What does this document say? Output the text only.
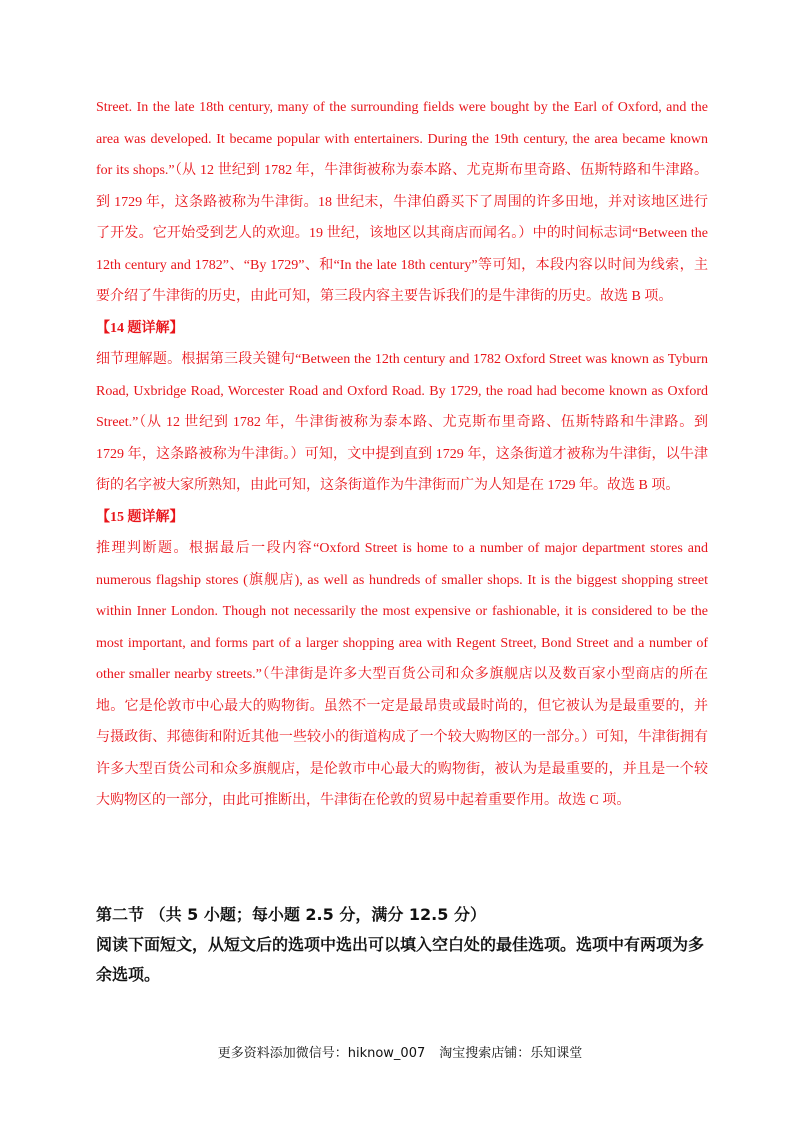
Street. In the late 18th century, many of the surrounding fields were bought by the Earl of Oxford, and the area was developed. It became popular with entertainers. During the 19th century, the area became known for its shops.”（从 12 世纪到 1782 年，牛津街被称为泰本路、尤克斯布里奇路、伍斯特路和牛津路。到 1729 年，这条路被称为牛津街。18 世纪末，牛津伯爵买下了周围的许多田地，并对该地区进行了开发。它开始受到艺人的欢迎。19 世纪，该地区以其商店而闻名。）中的时间标志词“Between the 12th century and 1782”、“By 1729”、和“In the late 18th century”等可知，本段内容以时间为线索，主要介绍了牛津街的历史，由此可知，第三段内容主要告诉我们的是牛津街的历史。故选 B 项。

【14 题详解】

细节理解题。根据第三段关键句“Between the 12th century and 1782 Oxford Street was known as Tyburn Road, Uxbridge Road, Worcester Road and Oxford Road. By 1729, the road had become known as Oxford Street.”（从 12 世纪到 1782 年，牛津街被称为泰本路、尤克斯布里奇路、伍斯特路和牛津路。到 1729 年，这条路被称为牛津街。）可知，文中提到直到 1729 年，这条街道才被称为牛津街，以牛津街的名字被大家所熟知，由此可知，这条街道作为牛津街而广为人知是在 1729 年。故选 B 项。

【15 题详解】

推理判断题。根据最后一段内容“Oxford Street is home to a number of major department stores and numerous flagship stores (旗舰店), as well as hundreds of smaller shops. It is the biggest shopping street within Inner London. Though not necessarily the most expensive or fashionable, it is considered to be the most important, and forms part of a larger shopping area with Regent Street, Bond Street and a number of other smaller nearby streets.”（牛津街是许多大型百货公司和众多旗舰店以及数百家小型商店的所在地。它是伦敦市中心最大的购物街。虽然不一定是最昂贵或最时尚的，但它被认为是最重要的，并与摄政街、邦德街和附近其他一些较小的街道构成了一个较大购物区的一部分。）可知，牛津街拥有许多大型百货公司和众多旗舰店，是伦敦市中心最大的购物街，被认为是最重要的，并且是一个较大购物区的一部分，由此可推断出，牛津街在伦敦的贸易中起着重要作用。故选 C 项。

第二节 （共 5 小题；每小题 2.5 分，满分 12.5 分）

阅读下面短文，从短文后的选项中选出可以填入空白处的最佳选项。选项中有两项为多余选项。

更多资料添加微信号：hiknow_007 淘宝搜索店铺：乐知课堂
